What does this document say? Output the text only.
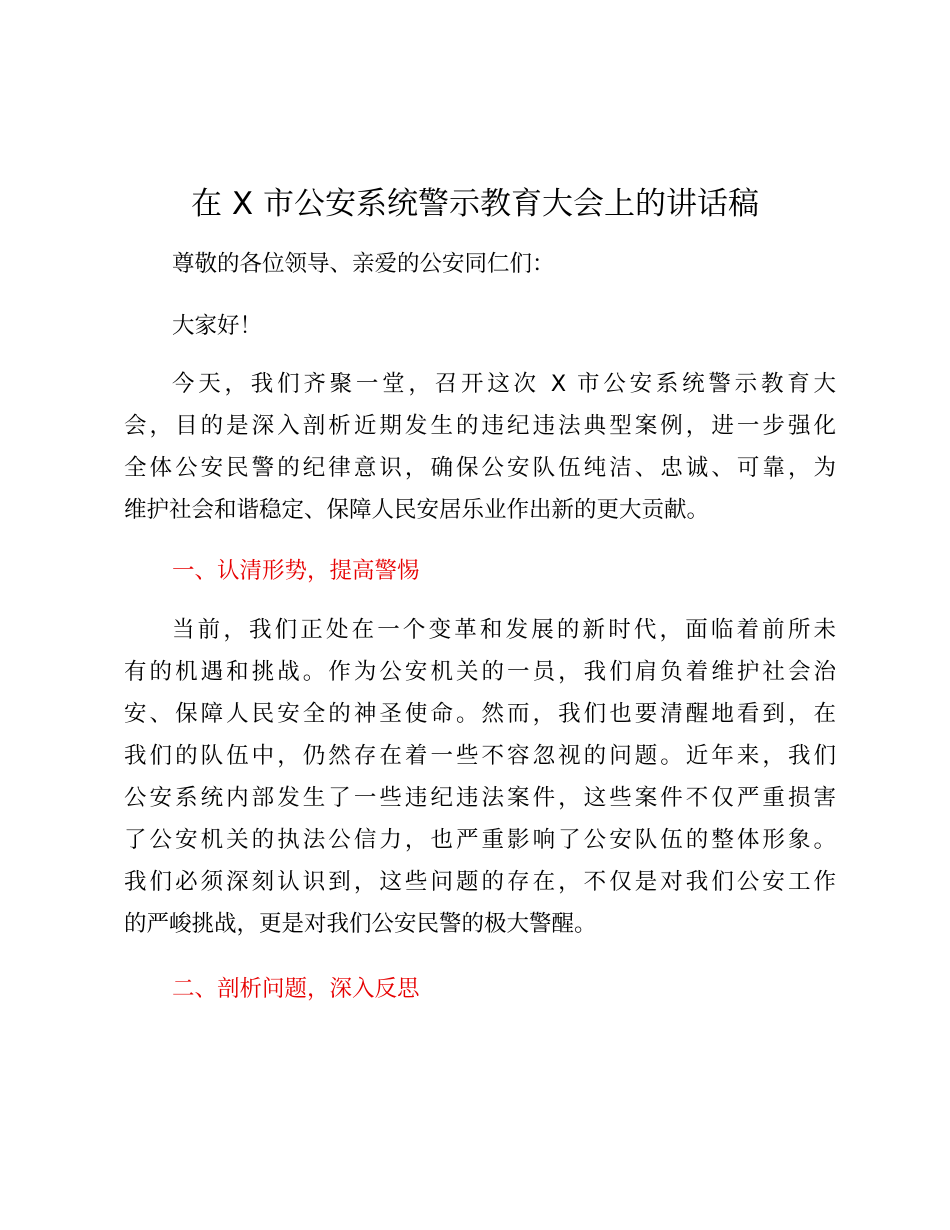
在 X 市公安系统警示教育大会上的讲话稿

尊敬的各位领导、亲爱的公安同仁们：

大家好！

今天，我们齐聚一堂，召开这次 X 市公安系统警示教育大

会，目的是深入剖析近期发生的违纪违法典型案例，进一步强化

全体公安民警的纪律意识，确保公安队伍纯洁、忠诚、可靠，为

维护社会和谐稳定、保障人民安居乐业作出新的更大贡献。

一、认清形势，提高警惕

当前，我们正处在一个变革和发展的新时代，面临着前所未

有的机遇和挑战。作为公安机关的一员，我们肩负着维护社会治

安、保障人民安全的神圣使命。然而，我们也要清醒地看到，在

我们的队伍中，仍然存在着一些不容忽视的问题。近年来，我们

公安系统内部发生了一些违纪违法案件，这些案件不仅严重损害

了公安机关的执法公信力，也严重影响了公安队伍的整体形象。

我们必须深刻认识到，这些问题的存在，不仅是对我们公安工作

的严峻挑战，更是对我们公安民警的极大警醒。

二、剖析问题，深入反思
